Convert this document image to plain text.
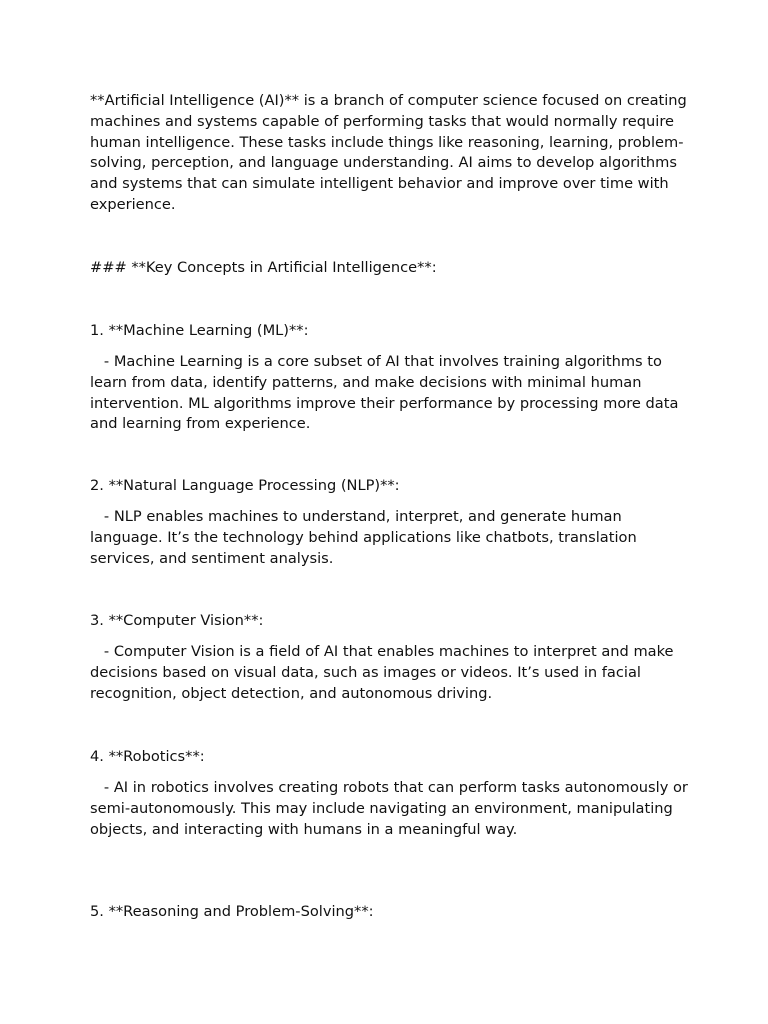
**Artificial Intelligence (AI)** is a branch of computer science focused on creating machines and systems capable of performing tasks that would normally require human intelligence. These tasks include things like reasoning, learning, problem-solving, perception, and language understanding. AI aims to develop algorithms and systems that can simulate intelligent behavior and improve over time with experience.

### **Key Concepts in Artificial Intelligence**:

1. **Machine Learning (ML)**:

- Machine Learning is a core subset of AI that involves training algorithms to learn from data, identify patterns, and make decisions with minimal human intervention. ML algorithms improve their performance by processing more data and learning from experience.

2. **Natural Language Processing (NLP)**:

- NLP enables machines to understand, interpret, and generate human language. It’s the technology behind applications like chatbots, translation services, and sentiment analysis.

3. **Computer Vision**:

- Computer Vision is a field of AI that enables machines to interpret and make decisions based on visual data, such as images or videos. It’s used in facial recognition, object detection, and autonomous driving.

4. **Robotics**:

- AI in robotics involves creating robots that can perform tasks autonomously or semi-autonomously. This may include navigating an environment, manipulating objects, and interacting with humans in a meaningful way.

5. **Reasoning and Problem-Solving**:
